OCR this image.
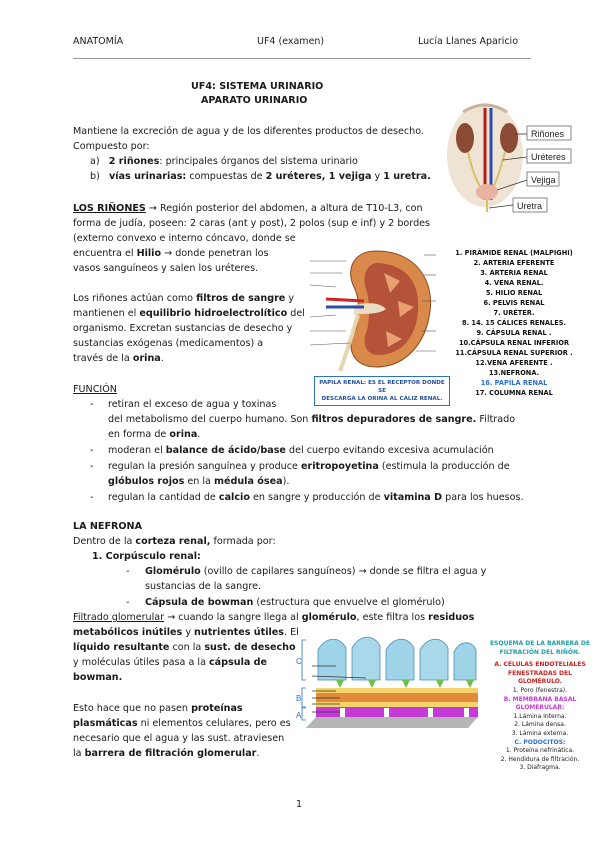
ANATOMÍA	UF4 (examen)	Lucía Llanes Aparicio
UF4: SISTEMA URINARIO
APARATO URINARIO
Mantiene la excreción de agua y de los diferentes productos de desecho. Compuesto por:
a) 2 riñones: principales órganos del sistema urinario
b) vías urinarias: compuestas de 2 uréteres, 1 vejiga y 1 uretra.
Riñones
Uréteres
Vejiga
Uretra
LOS RIÑONES → Región posterior del abdomen, a altura de T10-L3, con
forma de judía, poseen: 2 caras (ant y post), 2 polos (sup e inf) y 2 bordes
(externo convexo e interno cóncavo, donde se
encuentra el Hilio → donde penetran los
vasos sanguíneos y salen los uréteres.
Los riñones actúan como filtros de sangre y
mantienen el equilibrio hidroelectrolítico del
organismo. Excretan sustancias de desecho y
sustancias exógenas (medicamentos) a
través de la orina.
1. PIRÁMIDE RENAL (MALPIGHI)
2. ARTERIA EFERENTE
3. ARTERIA RENAL
4. VENA RENAL.
5. HILIO RENAL
6. PELVIS RENAL
7. URÉTER.
8. 14. 15 CÁLICES RENALES.
9. CÁPSULA RENAL .
10.CÁPSULA RENAL INFERIOR
11.CÁPSULA RENAL SUPERIOR .
12.VENA AFERENTE .
13.NEFRONA.
16. PAPILA RENAL
17. COLUMNA RENAL
PAPILA RENAL: ES EL RECEPTOR DONDE SE
DESCARGA LA ORINA AL CÁLIZ RENAL.
FUNCIÓN
- retiran el exceso de agua y toxinas
del metabolismo del cuerpo humano. Son filtros depuradores de sangre. Filtrado
en forma de orina.
- moderan el balance de ácido/base del cuerpo evitando excesiva acumulación
- regulan la presión sanguínea y produce eritropoyetina (estimula la producción de
glóbulos rojos en la médula ósea).
- regulan la cantidad de calcio en sangre y producción de vitamina D para los huesos.
LA NEFRONA
Dentro de la corteza renal, formada por:
1. Corpúsculo renal:
- Glomérulo (ovillo de capilares sanguíneos) → donde se filtra el agua y
sustancias de la sangre.
- Cápsula de bowman (estructura que envuelve el glomérulo)
Filtrado glomerular → cuando la sangre llega al glomérulo, este filtra los residuos
metabólicos inútiles y nutrientes útiles. El
líquido resultante con la sust. de desecho
y moléculas útiles pasa a la cápsula de
bowman.
Esto hace que no pasen proteínas
plasmáticas ni elementos celulares, pero es
necesario que el agua y las sust. atraviesen
la barrera de filtración glomerular.
C
B
A
ESQUEMA DE LA BARRERA DE
FILTRACIÓN DEL RIÑÓN.
A. CÉLULAS ENDOTELIALES
FENESTRADAS DEL
GLOMÉRULO.
1. Poro (fenestra).
B. MEMBRANA BASAL
GLOMERULAR:
1.Lámina interna.
2. Lámina densa.
3. Lámina externa.
C. PODOCITOS:
1. Proteína nefrinática.
2. Hendidura de filtración.
3. Diafragma.
1
